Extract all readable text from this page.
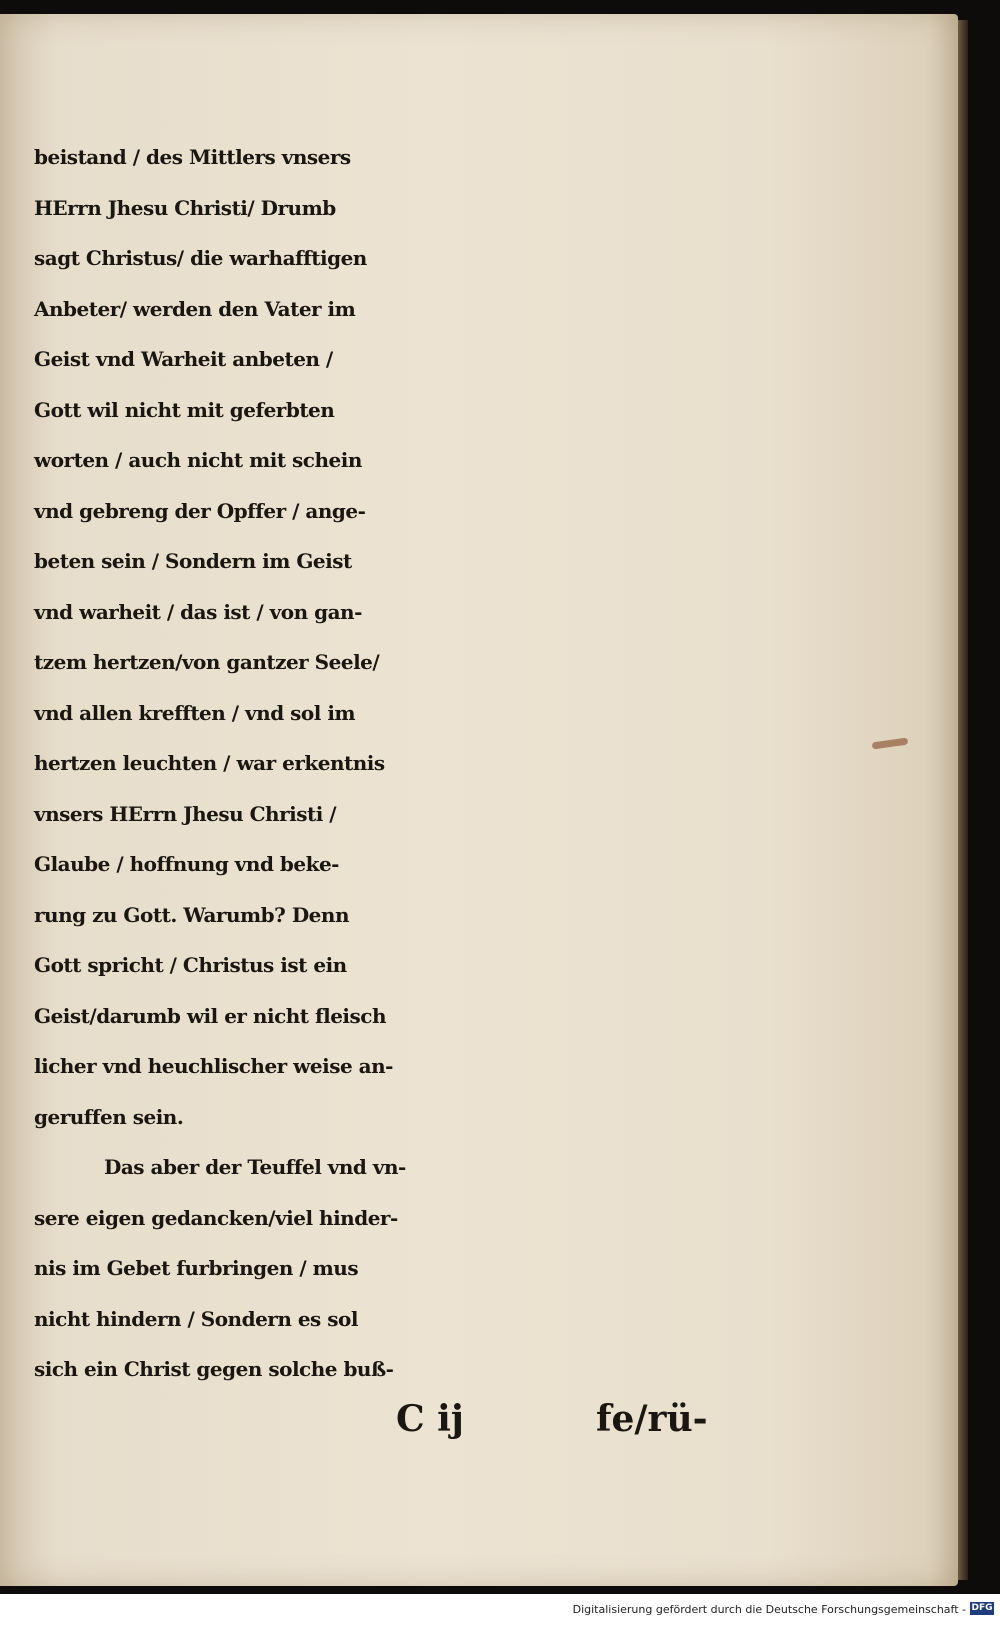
beistand / des Mittlers vnsers
HErrn Jhesu Christi/ Drumb
sagt Christus/ die warhafftigen
Anbeter/ werden den Vater im
Geist vnd Warheit anbeten /
Gott wil nicht mit geferbten
worten / auch nicht mit schein
vnd gebreng der Opffer / ange-
beten sein / Sondern im Geist
vnd warheit / das ist / von gan-
tzem hertzen/von gantzer Seele/
vnd allen krefften / vnd sol im
hertzen leuchten / war erkentnis
vnsers HErrn Jhesu Christi /
Glaube / hoffnung vnd beke-
rung zu Gott. Warumb? Denn
Gott spricht / Christus ist ein
Geist/darumb wil er nicht fleisch
licher vnd heuchlischer weise an-
geruffen sein.
Das aber der Teuffel vnd vn-
sere eigen gedancken/viel hinder-
nis im Gebet furbringen / mus
nicht hindern / Sondern es sol
sich ein Christ gegen solche buß-
C ij	fe/rü-
Digitalisierung gefördert durch die Deutsche Forschungsgemeinschaft - DFG
